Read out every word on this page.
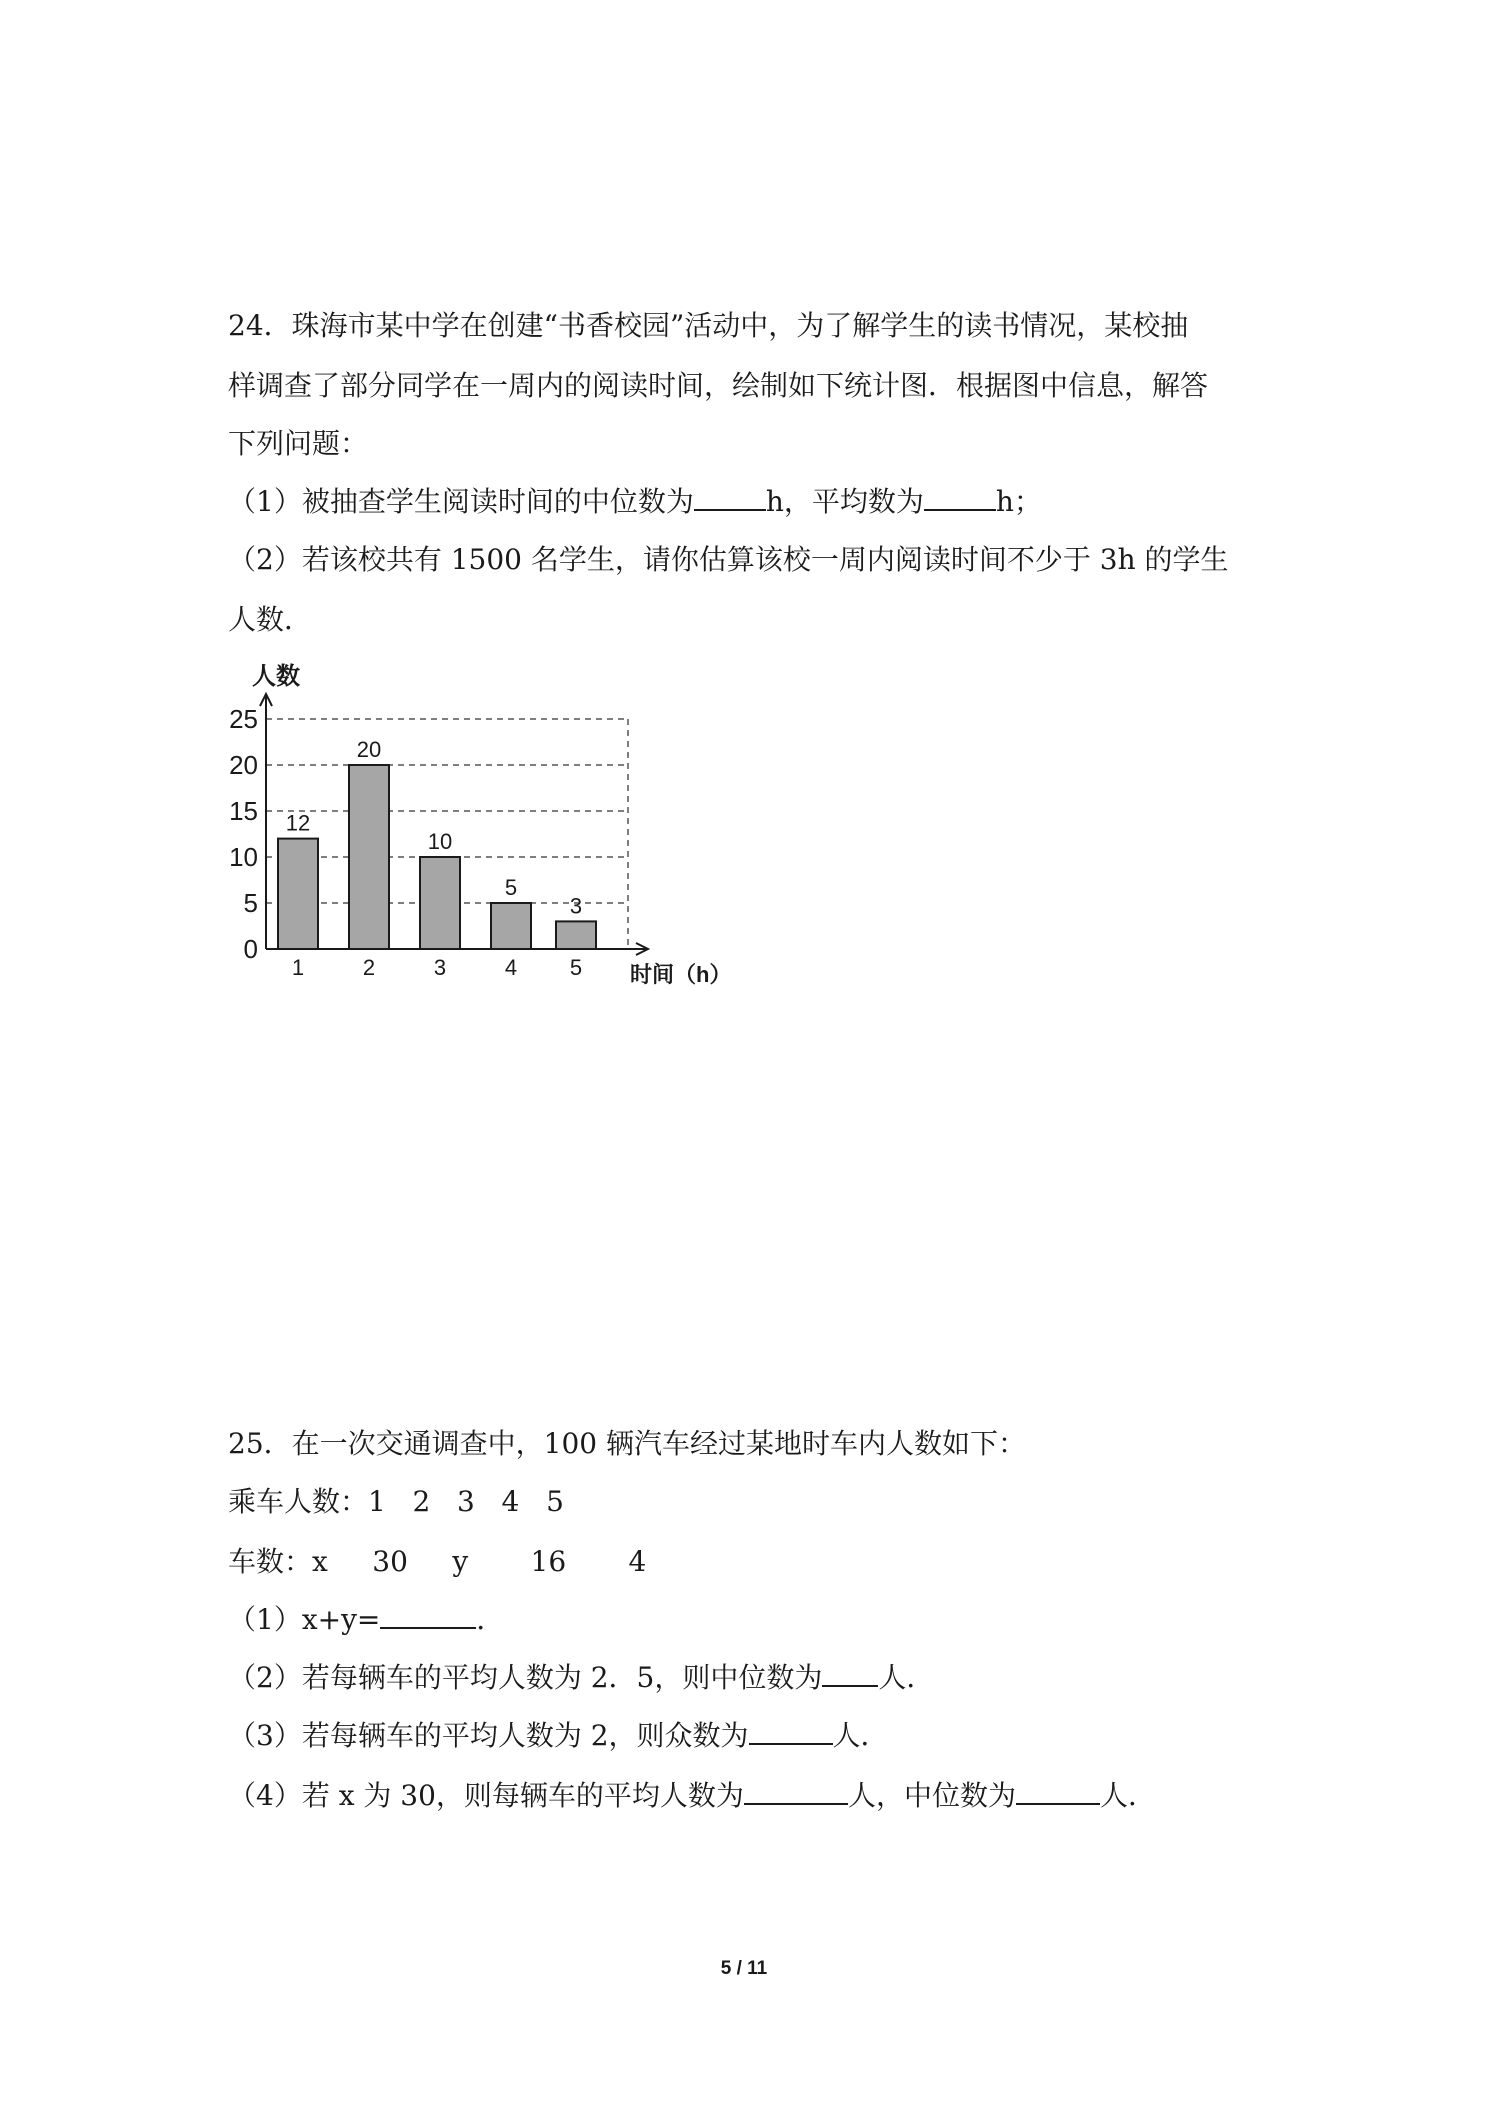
24．珠海市某中学在创建“书香校园”活动中，为了解学生的读书情况，某校抽
样调查了部分同学在一周内的阅读时间，绘制如下统计图．根据图中信息，解答
下列问题：
（1）被抽查学生阅读时间的中位数为	h，平均数为	h；
（2）若该校共有 1500 名学生，请你估算该校一周内阅读时间不少于 3h 的学生
人数．
人数
时间（h）
0
5
10
15
20
25
12
1
20
2
10
3
5
4
3
5
25．在一次交通调查中，100 辆汽车经过某地时车内人数如下：
乘车人数：1   2   3   4   5
车数：x     30     y       16       4
（1）x+y=	．
（2）若每辆车的平均人数为 2．5，则中位数为 人．
（3）若每辆车的平均人数为 2，则众数为	人．
（4）若 x 为 30，则每辆车的平均人数为	人，中位数为	人．
5 / 11
